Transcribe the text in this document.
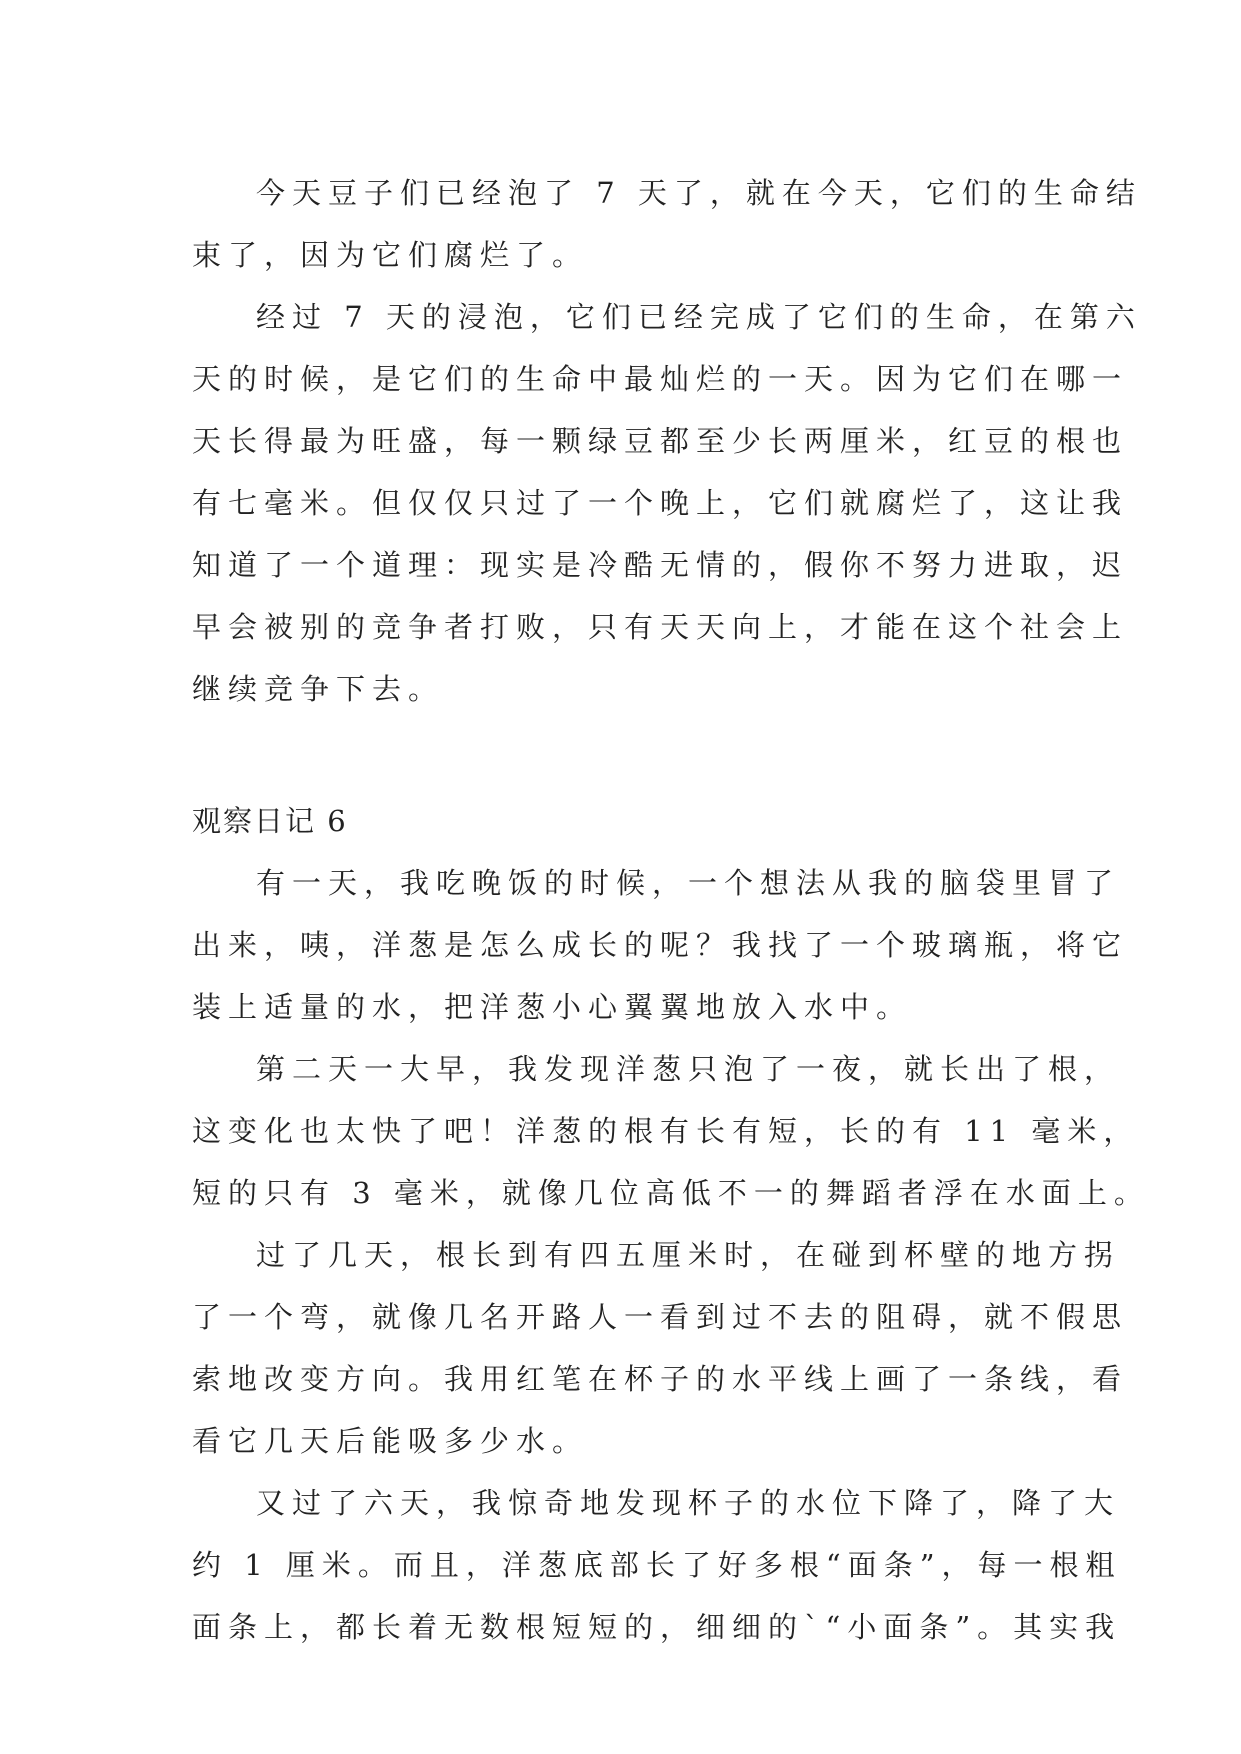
今天豆子们已经泡了 7 天了，就在今天，它们的生命结
束了，因为它们腐烂了。
经过 7 天的浸泡，它们已经完成了它们的生命，在第六
天的时候，是它们的生命中最灿烂的一天。因为它们在哪一
天长得最为旺盛，每一颗绿豆都至少长两厘米，红豆的根也
有七毫米。但仅仅只过了一个晚上，它们就腐烂了，这让我
知道了一个道理：现实是冷酷无情的，假你不努力进取，迟
早会被别的竞争者打败，只有天天向上，才能在这个社会上
继续竞争下去。
观察日记 6
有一天，我吃晚饭的时候，一个想法从我的脑袋里冒了
出来，咦，洋葱是怎么成长的呢？我找了一个玻璃瓶，将它
装上适量的水，把洋葱小心翼翼地放入水中。
第二天一大早，我发现洋葱只泡了一夜，就长出了根，
这变化也太快了吧！洋葱的根有长有短，长的有 11 毫米，
短的只有 3 毫米，就像几位高低不一的舞蹈者浮在水面上。
过了几天，根长到有四五厘米时，在碰到杯壁的地方拐
了一个弯，就像几名开路人一看到过不去的阻碍，就不假思
索地改变方向。我用红笔在杯子的水平线上画了一条线，看
看它几天后能吸多少水。
又过了六天，我惊奇地发现杯子的水位下降了，降了大
约 1 厘米。而且，洋葱底部长了好多根“面条”，每一根粗
面条上，都长着无数根短短的，细细的`“小面条”。其实我
